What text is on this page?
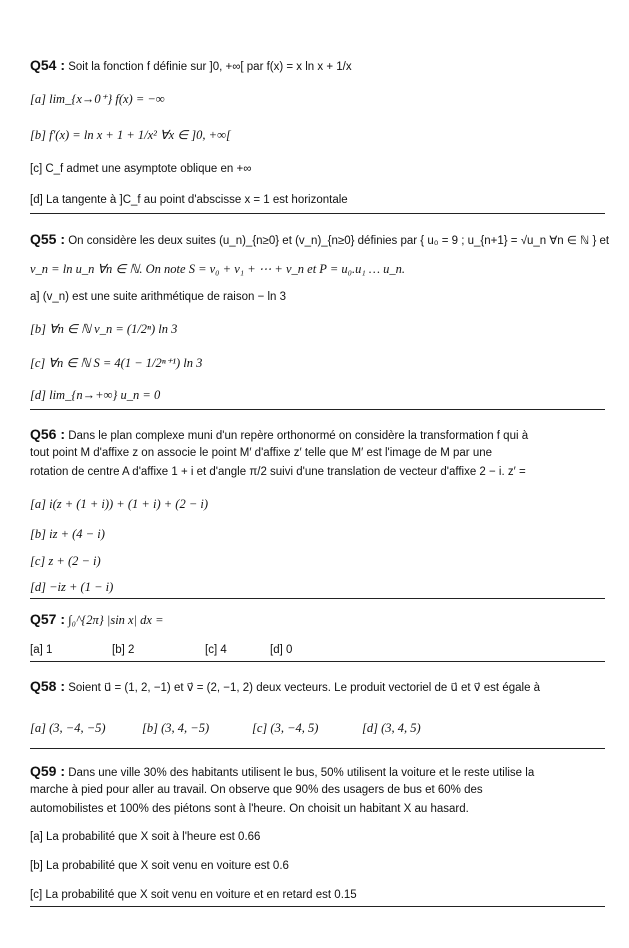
Q54 : Soit la fonction f définie sur ]0, +∞[ par f(x) = x ln x + 1/x
[a] lim_{x→0⁺} f(x) = −∞
[b] f′(x) = ln x + 1 + 1/x² ∀x ∈ ]0, +∞[
[c] C_f admet une asymptote oblique en +∞
[d] La tangente à ]C_f au point d'abscisse x = 1 est horizontale
Q55 : On considère les deux suites (u_n)_{n≥0} et (v_n)_{n≥0} définies par { u₀ = 9 ; u_{n+1} = √u_n ∀n ∈ ℕ } et
v_n = ln u_n ∀n ∈ ℕ. On note S = v₀ + v₁ + ⋯ + v_n et P = u₀.u₁ … u_n.
a] (v_n) est une suite arithmétique de raison − ln 3
[b] ∀n ∈ ℕ v_n = (1/2ⁿ) ln 3
[c] ∀n ∈ ℕ S = 4(1 − 1/2ⁿ⁺¹) ln 3
[d] lim_{n→+∞} u_n = 0
Q56 : Dans le plan complexe muni d'un repère orthonormé on considère la transformation f qui à
tout point M d'affixe z on associe le point M′ d'affixe z′ telle que M′ est l'image de M par une
rotation de centre A d'affixe 1 + i et d'angle π/2 suivi d'une translation de vecteur d'affixe 2 − i. z′ =
[a] i(z + (1 + i)) + (1 + i) + (2 − i)
[b] iz + (4 − i)
[c] z + (2 − i)
[d] −iz + (1 − i)
Q57 : ∫₀^{2π} |sin x| dx =
[a] 1	[b] 2	[c] 4	[d] 0
Q58 : Soient u⃗ = (1, 2, −1) et v⃗ = (2, −1, 2) deux vecteurs. Le produit vectoriel de u⃗ et v⃗ est égale à
[a] (3, −4, −5)	[b] (3, 4, −5)	[c] (3, −4, 5)	[d] (3, 4, 5)
Q59 : Dans une ville 30% des habitants utilisent le bus, 50% utilisent la voiture et le reste utilise la
marche à pied pour aller au travail. On observe que 90% des usagers de bus et 60% des
automobilistes et 100% des piétons sont à l'heure. On choisit un habitant X au hasard.
[a] La probabilité que X soit à l'heure est 0.66
[b] La probabilité que X soit venu en voiture est 0.6
[c] La probabilité que X soit venu en voiture et en retard est 0.15
